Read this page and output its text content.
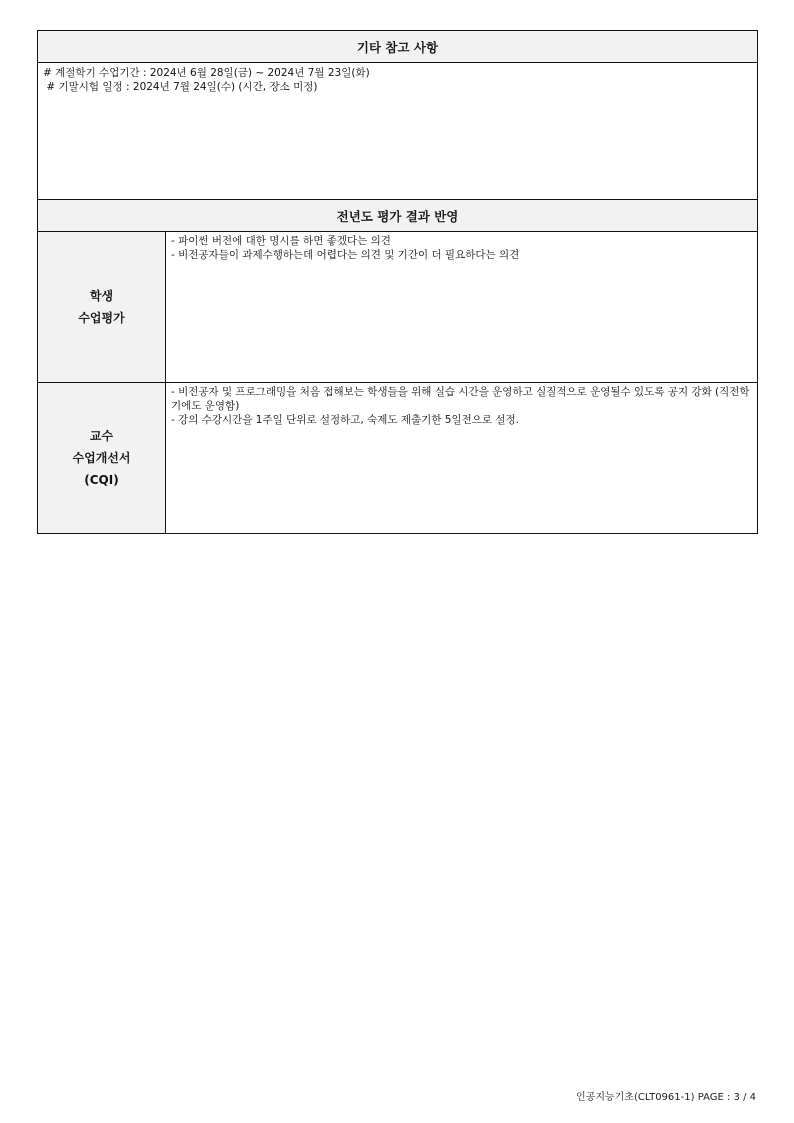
기타 참고 사항	

# 계절학기 수업기간 : 2024년 6월 28일(금) ~ 2024년 7월 23일(화)
# 기말시험 일정 : 2024년 7월 24일(수) (시간, 장소 미정)	

전년도 평가 결과 반영	

학생
수업평가	- 파이썬 버전에 대한 명시를 하면 좋겠다는 의견
- 비전공자들이 과제수행하는데 어렵다는 의견 및 기간이 더 필요하다는 의견

교수
수업개선서
(CQI)	- 비전공자 및 프로그래밍을 처음 접해보는 학생들을 위해 실습 시간을 운영하고 실질적으로 운영될수 있도록 공지 강화 (직전학기에도 운영함)
- 강의 수강시간을 1주일 단위로 설정하고, 숙제도 제출기한 5일전으로 설정.
인공지능기초(CLT0961-1) PAGE : 3 / 4
